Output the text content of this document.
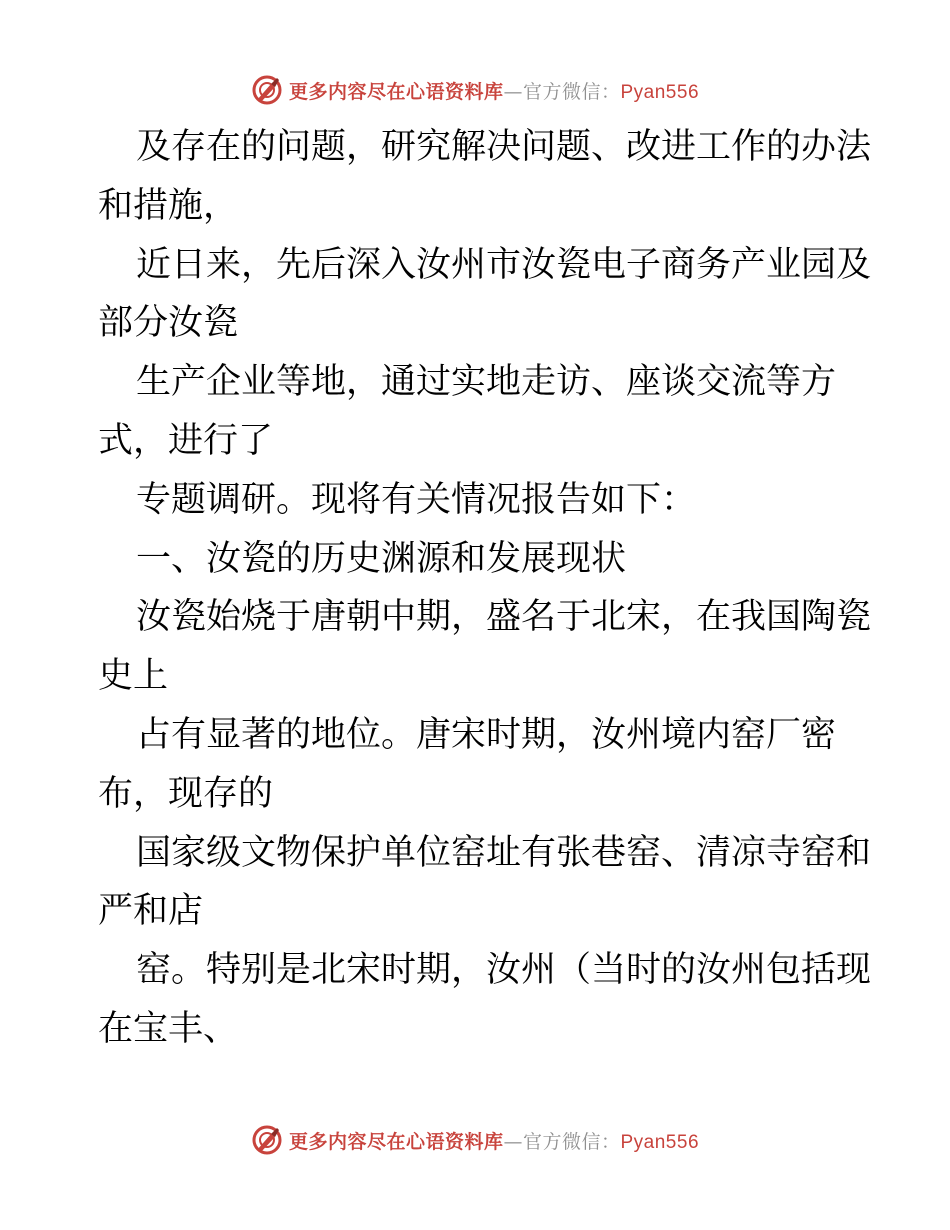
更多内容尽在心语资料库—官方微信：Pyan556
及存在的问题，研究解决问题、改进工作的办法
和措施，
近日来，先后深入汝州市汝瓷电子商务产业园及
部分汝瓷
生产企业等地，通过实地走访、座谈交流等方
式，进行了
专题调研。现将有关情况报告如下：
一、汝瓷的历史渊源和发展现状
汝瓷始烧于唐朝中期，盛名于北宋，在我国陶瓷
史上
占有显著的地位。唐宋时期，汝州境内窑厂密
布，现存的
国家级文物保护单位窑址有张巷窑、清凉寺窑和
严和店
窑。特别是北宋时期，汝州（当时的汝州包括现
在宝丰、
更多内容尽在心语资料库—官方微信：Pyan556
